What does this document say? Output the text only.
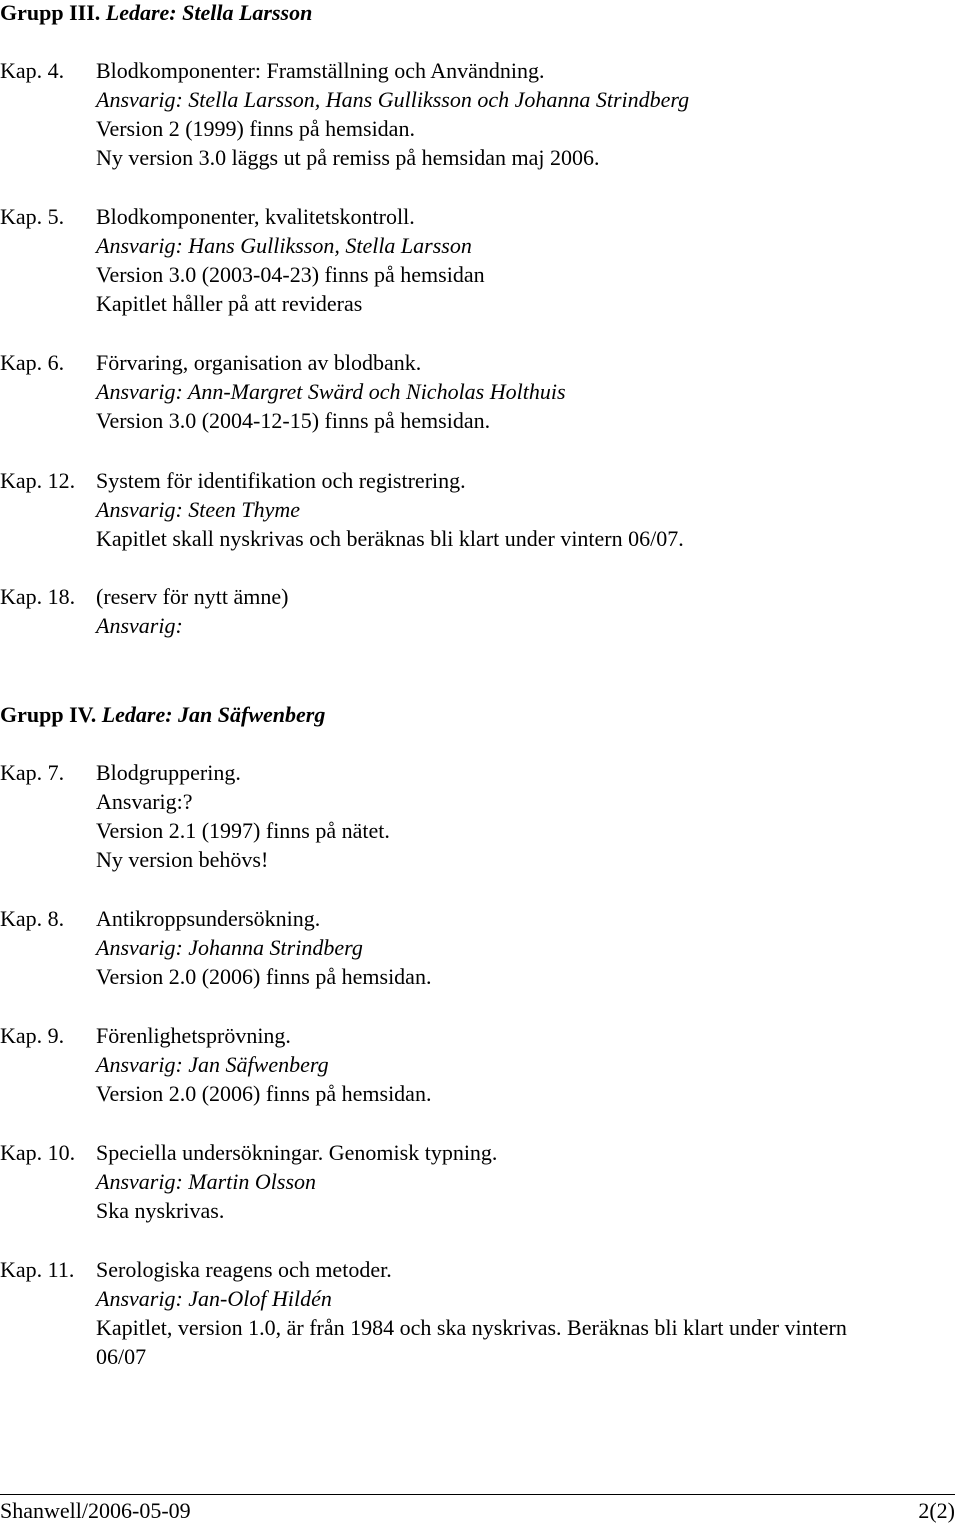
Grupp III. Ledare: Stella Larsson
Kap. 4. Blodkomponenter: Framställning och Användning.
Ansvarig: Stella Larsson, Hans Gulliksson och Johanna Strindberg
Version 2 (1999) finns på hemsidan.
Ny version 3.0 läggs ut på remiss på hemsidan maj 2006.
Kap. 5. Blodkomponenter, kvalitetskontroll.
Ansvarig: Hans Gulliksson, Stella Larsson
Version 3.0 (2003-04-23) finns på hemsidan
Kapitlet håller på att revideras
Kap. 6. Förvaring, organisation av blodbank.
Ansvarig: Ann-Margret Swärd och Nicholas Holthuis
Version 3.0 (2004-12-15) finns på hemsidan.
Kap. 12. System för identifikation och registrering.
Ansvarig: Steen Thyme
Kapitlet skall nyskrivas och beräknas bli klart under vintern 06/07.
Kap. 18. (reserv för nytt ämne)
Ansvarig:
Grupp IV. Ledare: Jan Säfwenberg
Kap. 7. Blodgruppering.
Ansvarig:?
Version 2.1 (1997) finns på nätet.
Ny version behövs!
Kap. 8. Antikroppsundersökning.
Ansvarig: Johanna Strindberg
Version 2.0 (2006) finns på hemsidan.
Kap. 9. Förenlighetsprövning.
Ansvarig: Jan Säfwenberg
Version 2.0 (2006) finns på hemsidan.
Kap. 10. Speciella undersökningar. Genomisk typning.
Ansvarig: Martin Olsson
Ska nyskrivas.
Kap. 11. Serologiska reagens och metoder.
Ansvarig: Jan-Olof Hildén
Kapitlet, version 1.0, är från 1984 och ska nyskrivas. Beräknas bli klart under vintern 06/07
Shanwell/2006-05-09	2(2)
